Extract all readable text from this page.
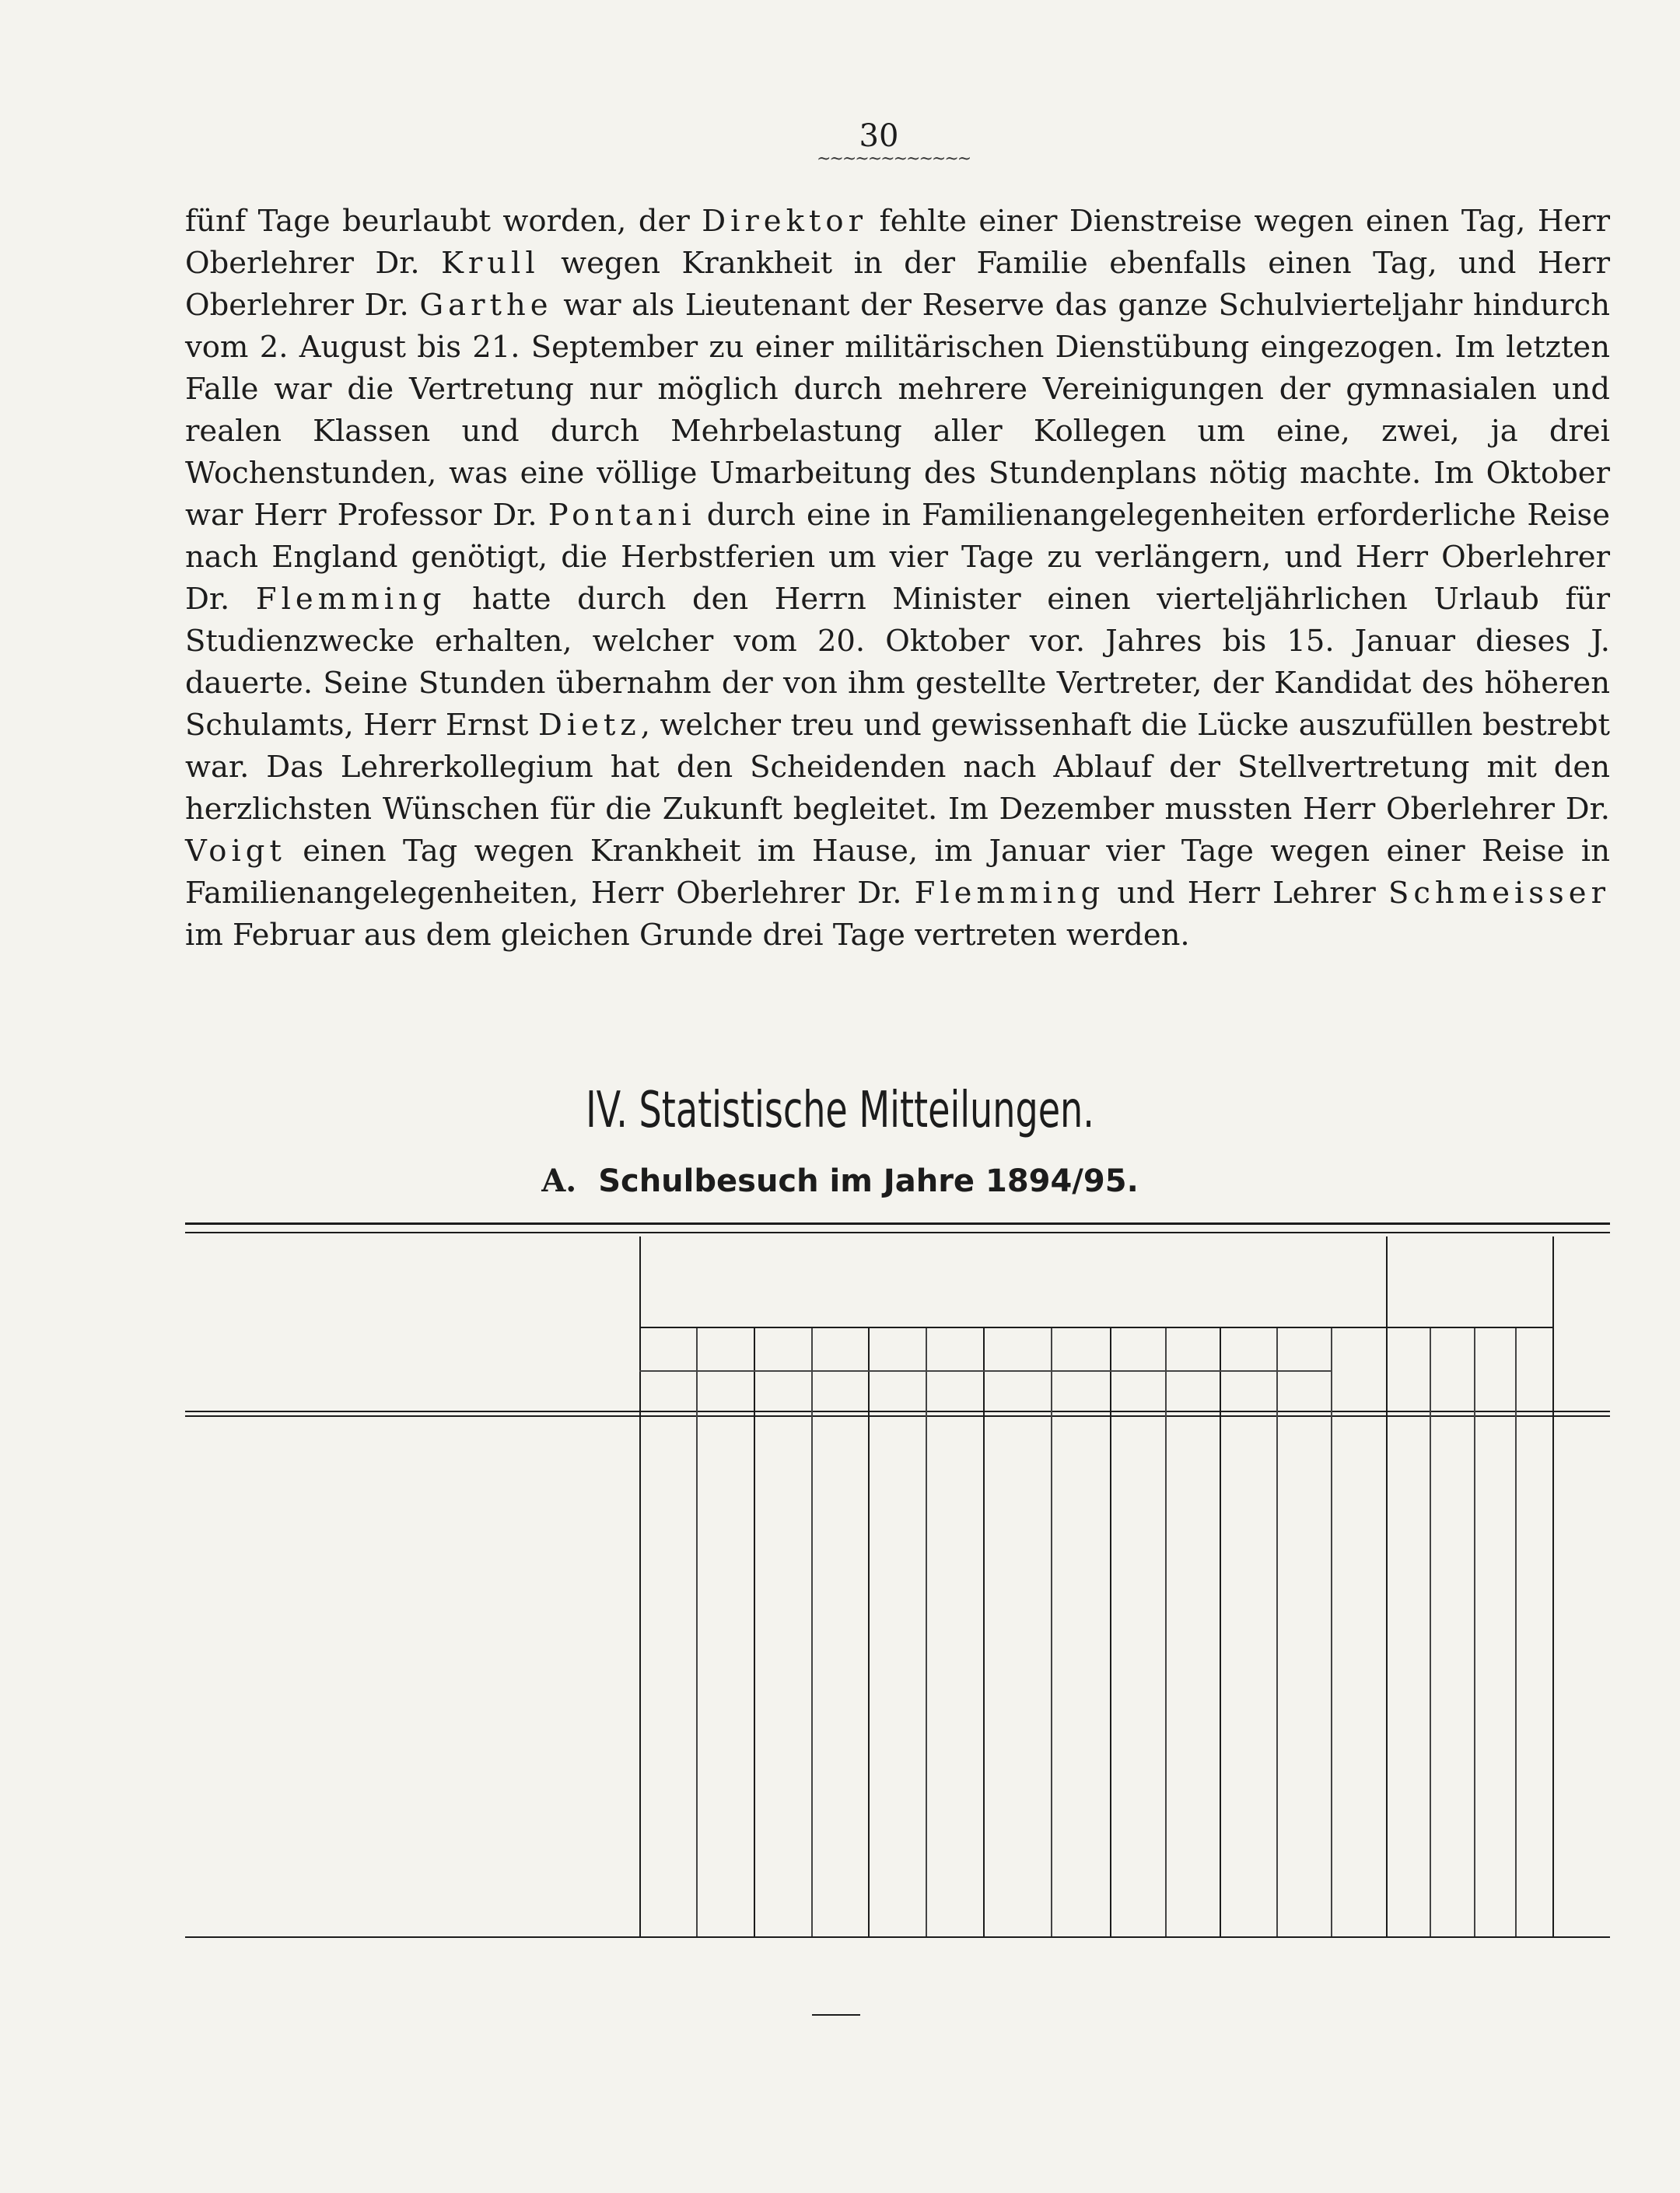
30
~~~~~~~~~~~~

fünf Tage beurlaubt worden, der Direktor fehlte einer Dienstreise wegen einen Tag, Herr Oberlehrer Dr. Krull wegen Krankheit in der Familie ebenfalls einen Tag, und Herr Oberlehrer Dr. Garthe war als Lieutenant der Reserve das ganze Schulvierteljahr hindurch vom 2. August bis 21. September zu einer militärischen Dienstübung eingezogen. Im letzten Falle war die Vertretung nur möglich durch mehrere Vereinigungen der gymnasialen und realen Klassen und durch Mehrbelastung aller Kollegen um eine, zwei, ja drei Wochenstunden, was eine völlige Umarbeitung des Stundenplans nötig machte. Im Oktober war Herr Professor Dr. Pontani durch eine in Familienangelegenheiten erforderliche Reise nach England genötigt, die Herbstferien um vier Tage zu verlängern, und Herr Oberlehrer Dr. Flemming hatte durch den Herrn Minister einen vierteljährlichen Urlaub für Studienzwecke erhalten, welcher vom 20. Oktober vor. Jahres bis 15. Januar dieses J. dauerte. Seine Stunden übernahm der von ihm gestellte Vertreter, der Kandidat des höheren Schulamts, Herr Ernst Dietz, welcher treu und gewissenhaft die Lücke auszufüllen bestrebt war. Das Lehrerkollegium hat den Scheidenden nach Ablauf der Stellvertretung mit den herzlichsten Wünschen für die Zukunft begleitet. Im Dezember mussten Herr Oberlehrer Dr. Voigt einen Tag wegen Krankheit im Hause, im Januar vier Tage wegen einer Reise in Familienangelegenheiten, Herr Oberlehrer Dr. Flemming und Herr Lehrer Schmeisser im Februar aus dem gleichen Grunde drei Tage vertreten werden.

IV. Statistische Mitteilungen.
A. Schulbesuch im Jahre 1894/95.
